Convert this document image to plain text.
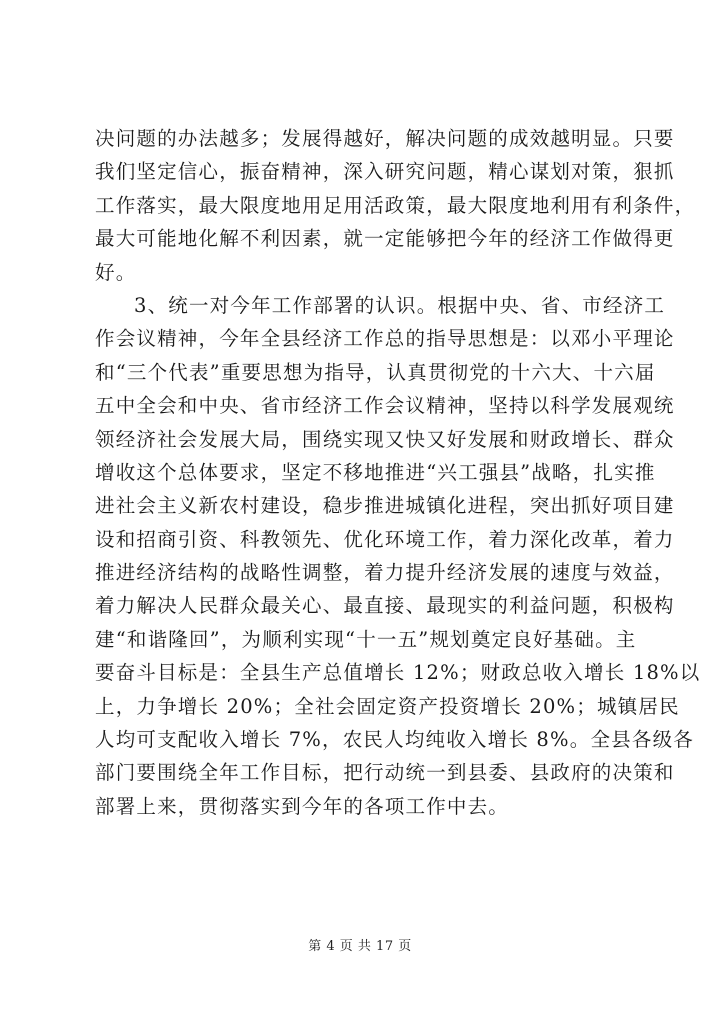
决问题的办法越多；发展得越好，解决问题的成效越明显。只要
我们坚定信心，振奋精神，深入研究问题，精心谋划对策，狠抓
工作落实，最大限度地用足用活政策，最大限度地利用有利条件，
最大可能地化解不利因素，就一定能够把今年的经济工作做得更
好。
3、统一对今年工作部署的认识。根据中央、省、市经济工
作会议精神，今年全县经济工作总的指导思想是：以邓小平理论
和“三个代表”重要思想为指导，认真贯彻党的十六大、十六届
五中全会和中央、省市经济工作会议精神，坚持以科学发展观统
领经济社会发展大局，围绕实现又快又好发展和财政增长、群众
增收这个总体要求，坚定不移地推进“兴工强县”战略，扎实推
进社会主义新农村建设，稳步推进城镇化进程，突出抓好项目建
设和招商引资、科教领先、优化环境工作，着力深化改革，着力
推进经济结构的战略性调整，着力提升经济发展的速度与效益，
着力解决人民群众最关心、最直接、最现实的利益问题，积极构
建“和谐隆回”，为顺利实现“十一五”规划奠定良好基础。主
要奋斗目标是：全县生产总值增长 12%；财政总收入增长 18%以
上，力争增长 20%；全社会固定资产投资增长 20%；城镇居民
人均可支配收入增长 7%，农民人均纯收入增长 8%。全县各级各
部门要围绕全年工作目标，把行动统一到县委、县政府的决策和
部署上来，贯彻落实到今年的各项工作中去。
第 4 页 共 17 页
